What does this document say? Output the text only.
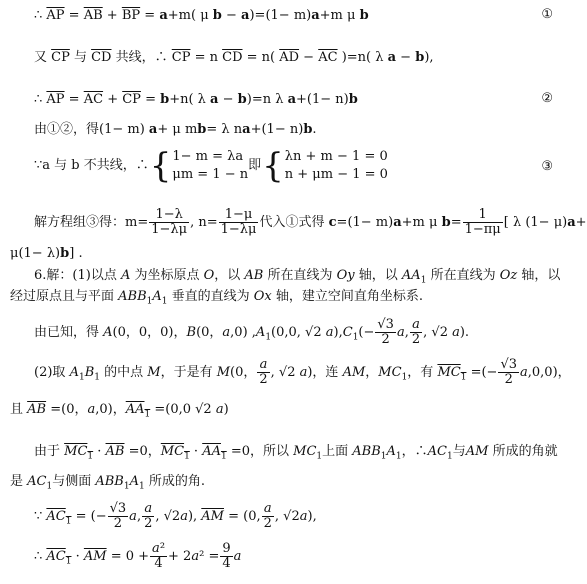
∴ $\overline{AP} = \overline{AB} + \overline{BP} = a+m$( μ b − a)=(1− m)a+m μ b	①
又 $\overline{CP}$ 与 $\overline{CD}$ 共线，∴ $\overline{CP} = n$ $\overline{CD} = n$( $\overline{AD} - \overline{AC}$ )=n( λ a − b),
∴ $\overline{AP} = \overline{AC} + \overline{CP} = b+n$( λ a − b)=n λ a+(1− n)b	②
由①②，得(1− m) a+ μ mb= λ na+(1− n)b.
∵a 与 b 不共线，∴{ 1− m = λa
μm = 1 − n
即{ λn + m − 1 = 0
n + μm − 1 = 0
③
解方程组③得：$m= \frac{1-\lambda}{1-\lambda\mu}$ , $n= \frac{1-\mu}{1-\lambda\mu}$ 代入①式得 c=(1− m)a+m μ $b= \frac{1}{1-\pi\mu}$ [ λ (1− μ)a+
μ(1− λ)b] .
6.解：(1)以点 A 为坐标原点 O，以 AB 所在直线为 Oy 轴，以 $AA_1$ 所在直线为 Oz 轴，以
经过原点且与平面 $ABB_1A_1$ 垂直的直线为 Ox 轴，建立空间直角坐标系.
由已知，得 A(0，0，0)，B(0，a,0) $,A_1(0,0$, √2 $a),C_1(- \frac{√3}{2} a$, $\frac{a}{2}$ , √2 a).
(2)取 $A_1B_1$ 的中点 M，于是有 M(0， $\frac{a}{2}$ , √2 a)，连 AM，$MC_1$，有 $MC_1$ =(− $\frac{√3}{2} a,0,0$)，
且 $\overline{AB} =(0$，a,0)，$AA_1 =(0,0$ √2 a)
由于 $MC_1 \cdot \overline{AB} =0$，$MC_1 \cdot AA_1 =0$，所以 $MC_1$上面 $ABB_1A_1$，$\therefore AC_1$与AM 所成的角就
是 $AC_1$与侧面 $ABB_1A_1$ 所成的角.
∵ $AC_1$ = (− $\frac{√3}{2} a$, $\frac{a}{2}$ , √2a), $\overline{AM} = (0$, $\frac{a}{2}$ , √2a),
∴ $AC_1 \cdot \overline{AM} = 0 + \frac{\text{a²}}{4} + 2a^2 = \frac{9}{4}$ a
